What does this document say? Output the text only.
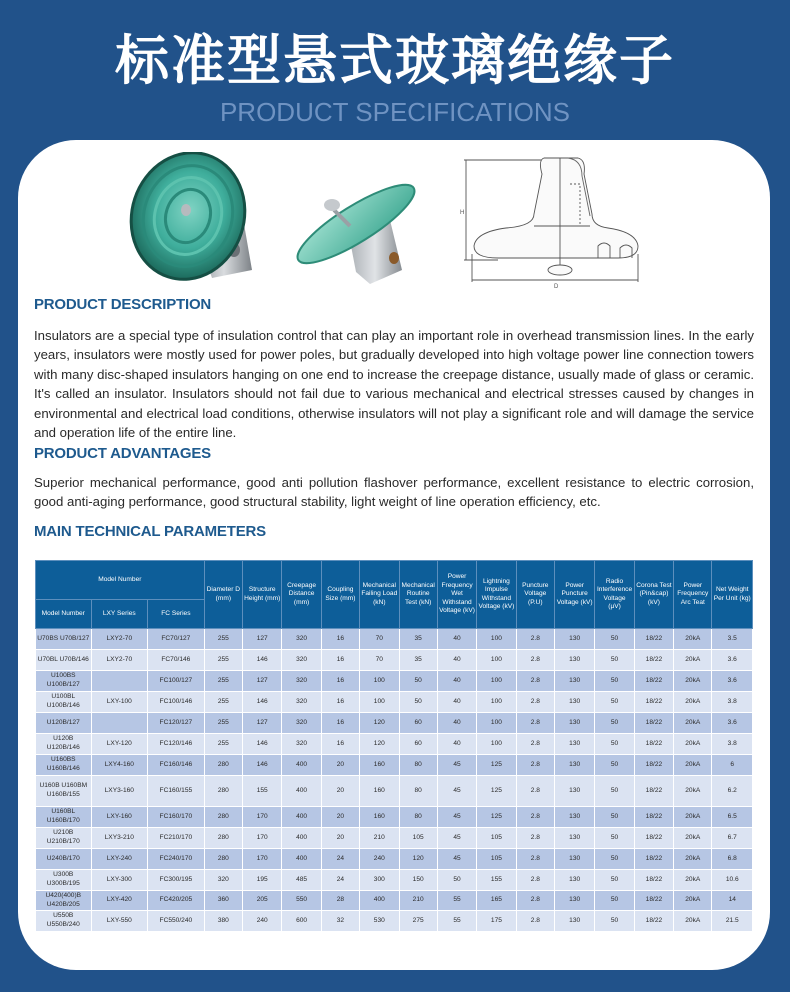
标准型悬式玻璃绝缘子
PRODUCT SPECIFICATIONS
H
D
PRODUCT DESCRIPTION
Insulators are a special type of insulation control that can play an important role in overhead transmission lines. In the early years, insulators were mostly used for power poles, but gradually developed into high voltage power line connection towers with many disc-shaped insulators hanging on one end to increase the creepage distance, usually made of glass or ceramic. It's called an insulator. Insulators should not fail due to various mechanical and electrical stresses caused by changes in environmental and electrical load conditions, otherwise insulators will not play a significant role and will damage the service and operation life of the entire line.
PRODUCT ADVANTAGES
Superior mechanical performance, good anti pollution flashover performance, excellent resistance to electric corrosion, good anti-aging performance, good structural stability, light weight of line operation efficiency, etc.
MAIN TECHNICAL PARAMETERS
Model Number			Diameter D (mm)	Structure Height (mm)	Creepage Distance (mm)	Coupling Size (mm)	Mechanical Failing Load (kN)	Mechanical Routine Test (kN)	Power Frequency Wet Withstand Voltage (kV)	Lightning Impulse Withstand Voltage (kV)	Puncture Voltage (P.U)	Power Puncture Voltage (kV)	Radio Interference Voltage (μV)	Corona Test (Pin&cap) (kV)	Power Frequency Arc Teat	Net Weight Per Unit (kg)
Model Number	LXY Series	FC Series														
U70BS U70B/127	LXY2-70	FC70/127	255	127	320	16	70	35	40	100	2.8	130	50	18/22	20kA	3.5
U70BL U70B/146	LXY2-70	FC70/146	255	146	320	16	70	35	40	100	2.8	130	50	18/22	20kA	3.6
U100BS U100B/127		FC100/127	255	127	320	16	100	50	40	100	2.8	130	50	18/22	20kA	3.6
U100BL U100B/146	LXY-100	FC100/146	255	146	320	16	100	50	40	100	2.8	130	50	18/22	20kA	3.8
U120B/127		FC120/127	255	127	320	16	120	60	40	100	2.8	130	50	18/22	20kA	3.6
U120B U120B/146	LXY-120	FC120/146	255	146	320	16	120	60	40	100	2.8	130	50	18/22	20kA	3.8
U160BS U160B/146	LXY4-160	FC160/146	280	146	400	20	160	80	45	125	2.8	130	50	18/22	20kA	6
U160B U160BM U160B/155	LXY3-160	FC160/155	280	155	400	20	160	80	45	125	2.8	130	50	18/22	20kA	6.2
U160BL U160B/170	LXY-160	FC160/170	280	170	400	20	160	80	45	125	2.8	130	50	18/22	20kA	6.5
U210B U210B/170	LXY3-210	FC210/170	280	170	400	20	210	105	45	105	2.8	130	50	18/22	20kA	6.7
U240B/170	LXY-240	FC240/170	280	170	400	24	240	120	45	105	2.8	130	50	18/22	20kA	6.8
U300B U300B/195	LXY-300	FC300/195	320	195	485	24	300	150	50	155	2.8	130	50	18/22	20kA	10.6
U420(400)B U420B/205	LXY-420	FC420/205	360	205	550	28	400	210	55	165	2.8	130	50	18/22	20kA	14
U550B U550B/240	LXY-550	FC550/240	380	240	600	32	530	275	55	175	2.8	130	50	18/22	20kA	21.5
